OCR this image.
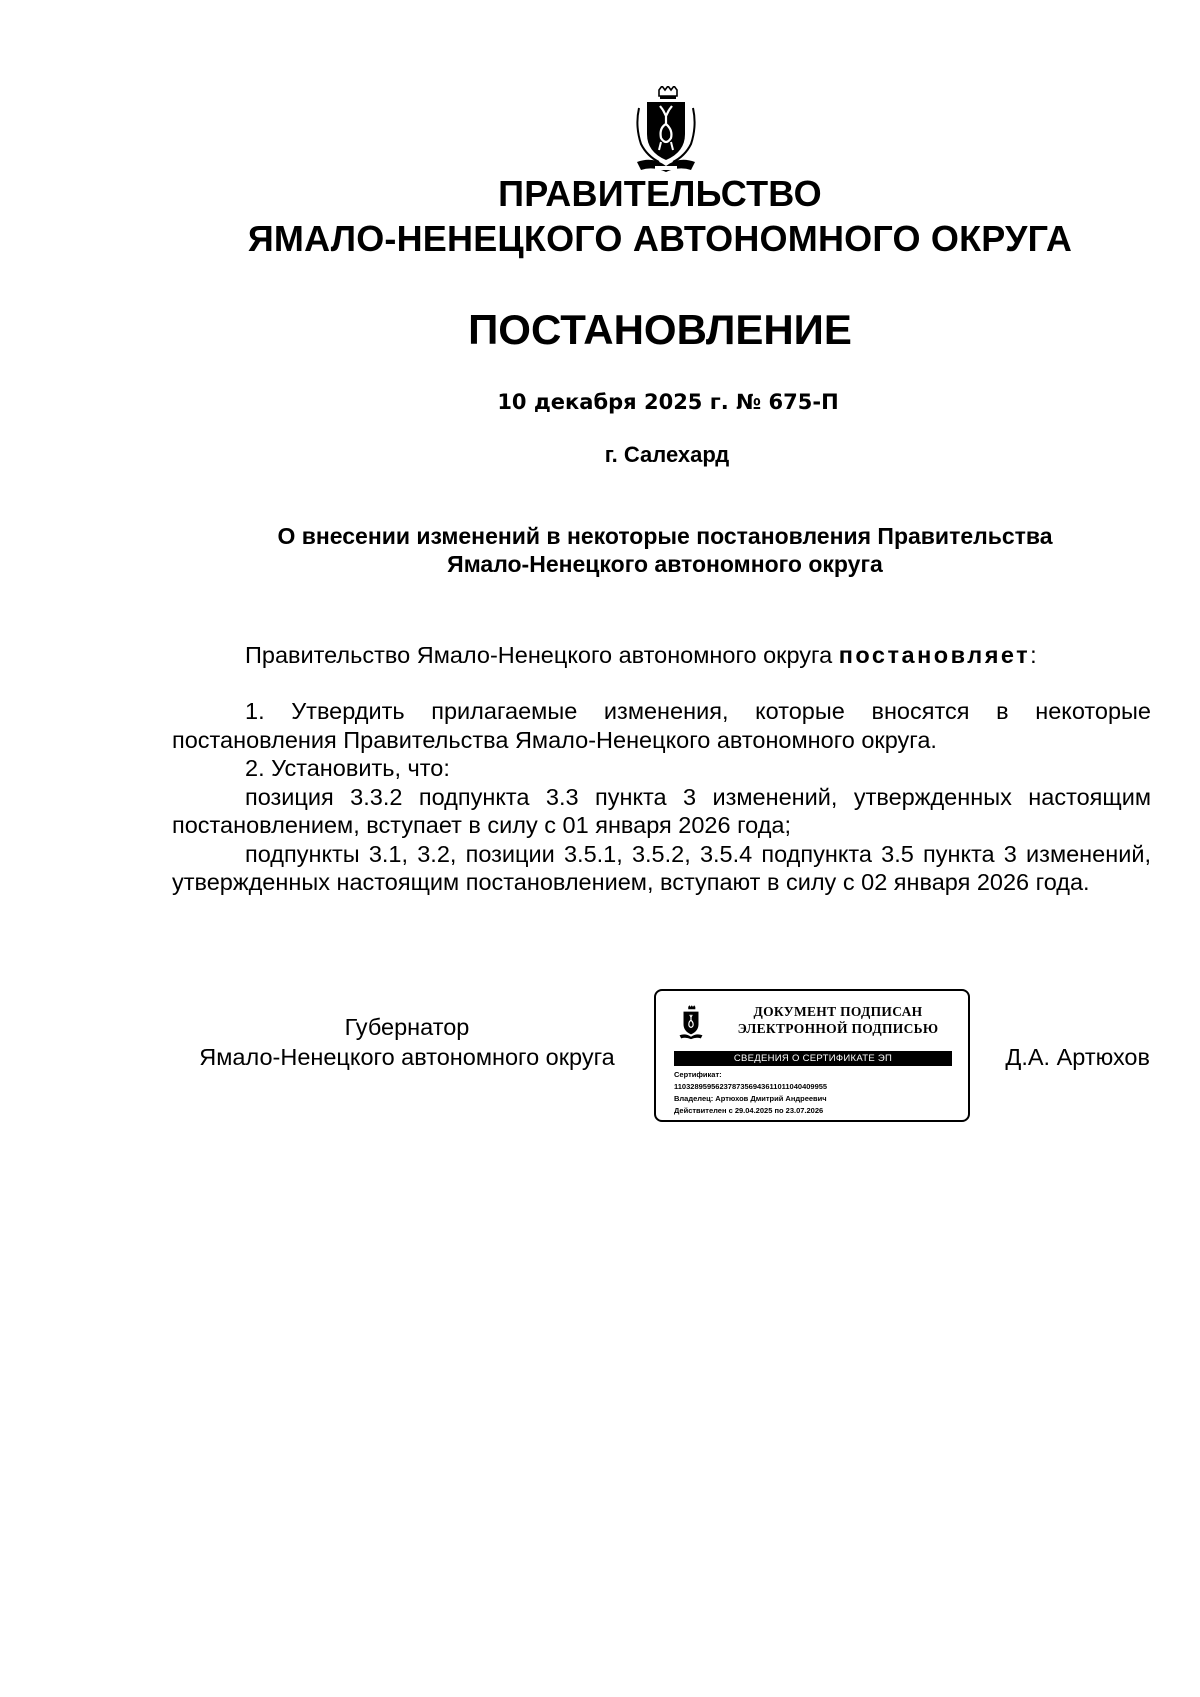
ПРАВИТЕЛЬСТВО
ЯМАЛО-НЕНЕЦКОГО АВТОНОМНОГО ОКРУГА
ПОСТАНОВЛЕНИЕ
10 декабря 2025 г. № 675-П
г. Салехард
О внесении изменений в некоторые постановления Правительства
Ямало-Ненецкого автономного округа

Правительство Ямало-Ненецкого автономного округа постановляет:

1. Утвердить прилагаемые изменения, которые вносятся в некоторые постановления Правительства Ямало-Ненецкого автономного округа.

2. Установить, что:

позиция 3.3.2 подпункта 3.3 пункта 3 изменений, утвержденных настоящим постановлением, вступает в силу с 01 января 2026 года;

подпункты 3.1, 3.2, позиции 3.5.1, 3.5.2, 3.5.4 подпункта 3.5 пункта 3 изменений, утвержденных настоящим постановлением, вступают в силу с 02 января 2026 года.

Губернатор
Ямало-Ненецкого автономного округа
ДОКУМЕНТ ПОДПИСАН
ЭЛЕКТРОННОЙ ПОДПИСЬЮ
СВЕДЕНИЯ О СЕРТИФИКАТЕ ЭП
Сертификат:
1103289595623787356943611011040409955
Владелец: Артюхов Дмитрий Андреевич
Действителен с 29.04.2025 по 23.07.2026
Д.А. Артюхов
